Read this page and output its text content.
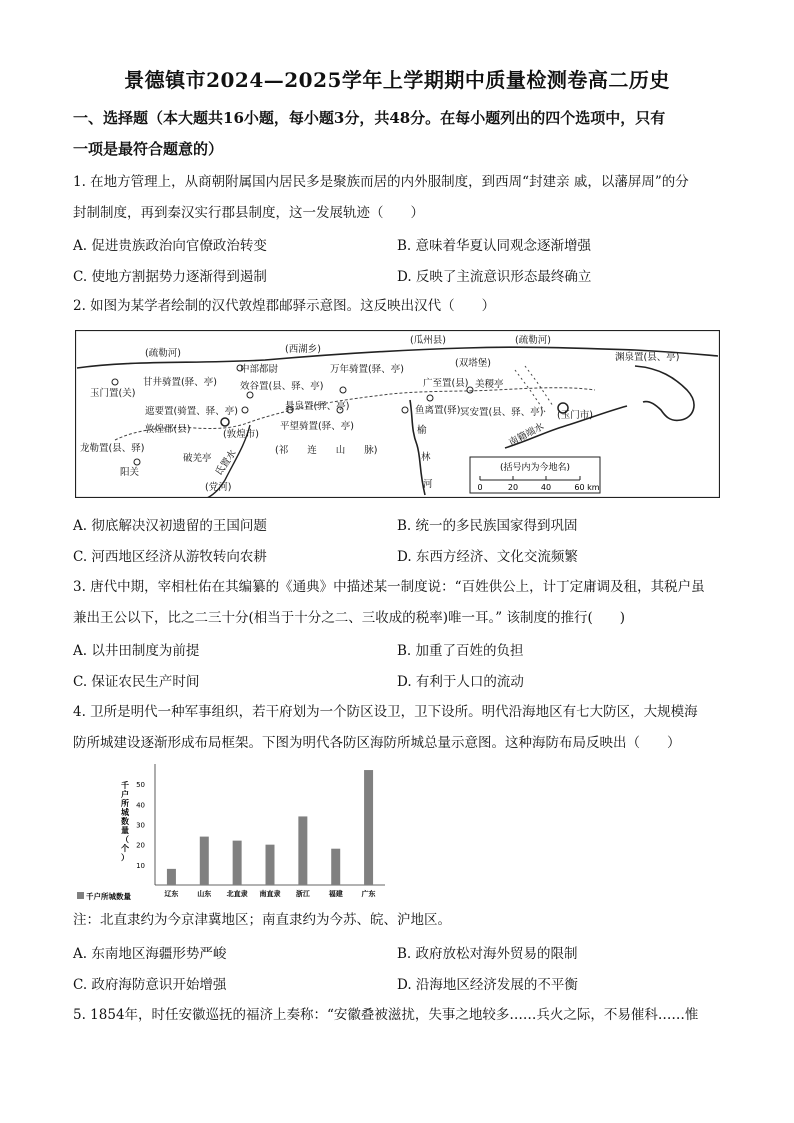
景德镇市2024—2025学年上学期期中质量检测卷高二历史
一、选择题（本大题共16小题，每小题3分，共48分。在每小题列出的四个选项中，只有
一项是最符合题意的）
1. 在地方管理上，从商朝附属国内居民多是聚族而居的内外服制度，到西周“封建亲 戚，以藩屏周”的分
封制制度，再到秦汉实行郡县制度，这一发展轨迹（　　）
A. 促进贵族政治向官僚政治转变	B. 意味着华夏认同观念逐渐增强
C. 使地方割据势力逐渐得到遏制	D. 反映了主流意识形态最终确立
2. 如图为某学者绘制的汉代敦煌郡邮驿示意图。这反映出汉代（　　）
(疏勒河)	(西湖乡)
(瓜州县)	(疏勒河)
中部都尉	万年骑置(驿、亭)
(双塔堡)
渊泉置(县、亭)
玉门置(关)
甘井骑置(驿、亭) 效谷置(县、驿、亭)	广至置(县) 美稷亭
遮要置(骑置、驿、亭)	悬泉置(驿、亭)	鱼离置(驿) 冥安置(县、驿、亭)
敦煌郡(县)	(敦煌市)
平望骑置(驿、亭)
(玉门市)
龙勒置(县、驿)
阳关
破羌亭
(祁　　连　　山　　脉)
榆
林
河
南籍端水
氐置水
(党河)
(括号内为今地名)
0	20	40	60 km
A. 彻底解决汉初遗留的王国问题	B. 统一的多民族国家得到巩固
C. 河西地区经济从游牧转向农耕	D. 东西方经济、文化交流频繁
3. 唐代中期，宰相杜佑在其编纂的《通典》中描述某一制度说：“百姓供公上，计丁定庸调及租，其税户虽
兼出王公以下，比之二三十分(相当于十分之二、三收成的税率)唯一耳。” 该制度的推行(　　)
A. 以井田制度为前提	B. 加重了百姓的负担
C. 保证农民生产时间	D. 有利于人口的流动
4. 卫所是明代一种军事组织，若干府划为一个防区设卫，卫下设所。明代沿海地区有七大防区，大规模海
防所城建设逐渐形成布局框架。下图为明代各防区海防所城总量示意图。这种海防布局反映出（　　）
千
户
所
城
数
量
（
个
）
10
20
30
40
50
辽东	山东 北直隶 南直隶 浙江	福建	广东
千户所城数量
注：北直隶约为今京津冀地区；南直隶约为今苏、皖、沪地区。
A. 东南地区海疆形势严峻	B. 政府放松对海外贸易的限制
C. 政府海防意识开始增强	D. 沿海地区经济发展的不平衡
5. 1854年，时任安徽巡抚的福济上奏称：“安徽叠被滋扰，失事之地较多……兵火之际，不易催科……惟
